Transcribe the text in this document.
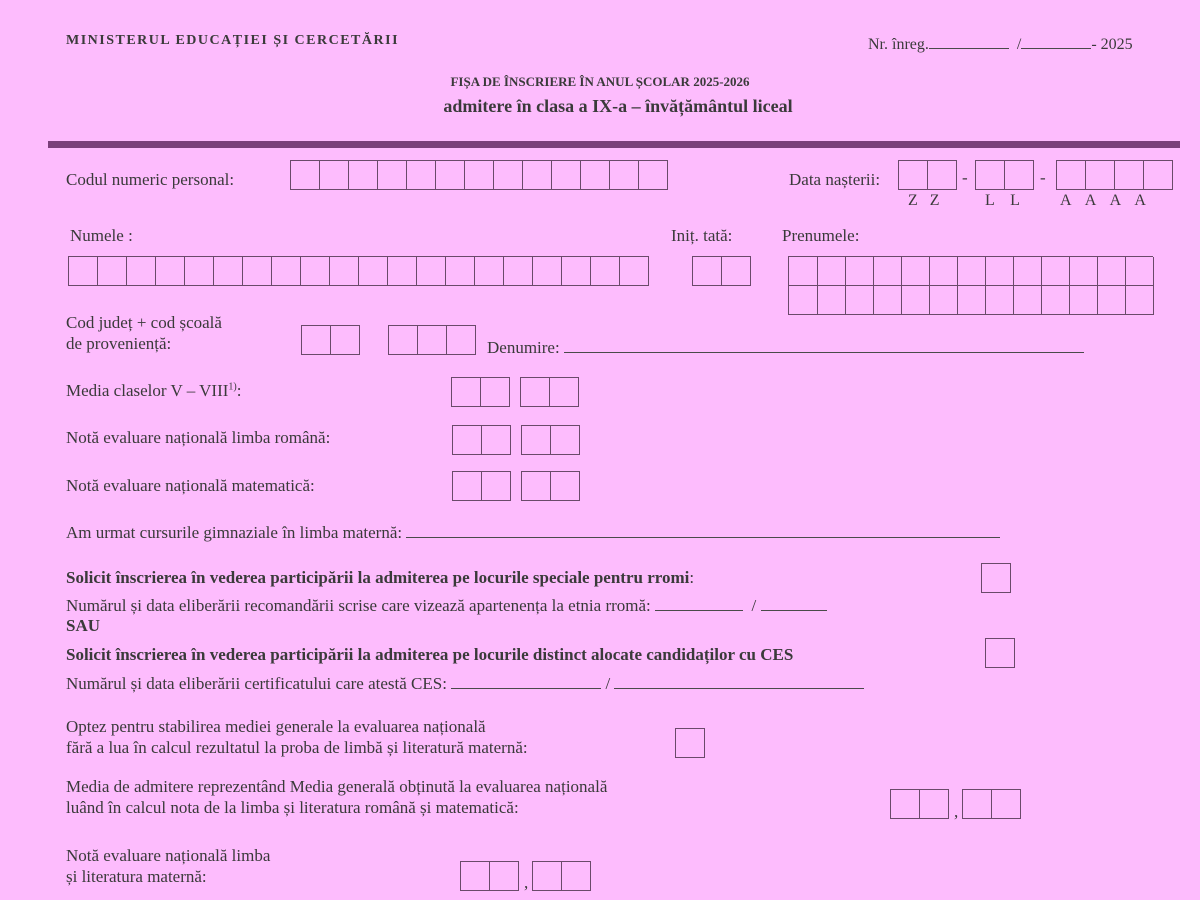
MINISTERUL EDUCAȚIEI ȘI CERCETĂRII	Nr. înreg.	/	- 2025
FIȘA DE ÎNSCRIERE ÎN ANUL ȘCOLAR 2025-2026
admitere în clasa a IX-a – învățământul liceal
Codul numeric personal:	Data nașterii:	-	-
Z Z	L L	A A A A
Numele :	Iniț. tată:	Prenumele:
Cod județ + cod școală
de proveniență:	Denumire:
Media claselor V – VIII$^{1)}$:
Notă evaluare națională limba română:
Notă evaluare națională matematică:
Am urmat cursurile gimnaziale în limba maternă:
Solicit înscrierea în vederea participării la admiterea pe locurile speciale pentru rromi:
Numărul și data eliberării recomandării scrise care vizează apartenența la etnia rromă:	/
SAU
Solicit înscrierea în vederea participării la admiterea pe locurile distinct alocate candidaților cu CES
Numărul și data eliberării certificatului care atestă CES:	/
Optez pentru stabilirea mediei generale la evaluarea națională
fără a lua în calcul rezultatul la proba de limbă și literatură maternă:
Media de admitere reprezentând Media generală obținută la evaluarea națională
luând în calcul nota de la limba și literatura română și matematică:	,
Notă evaluare națională limba
și literatura maternă:	,
